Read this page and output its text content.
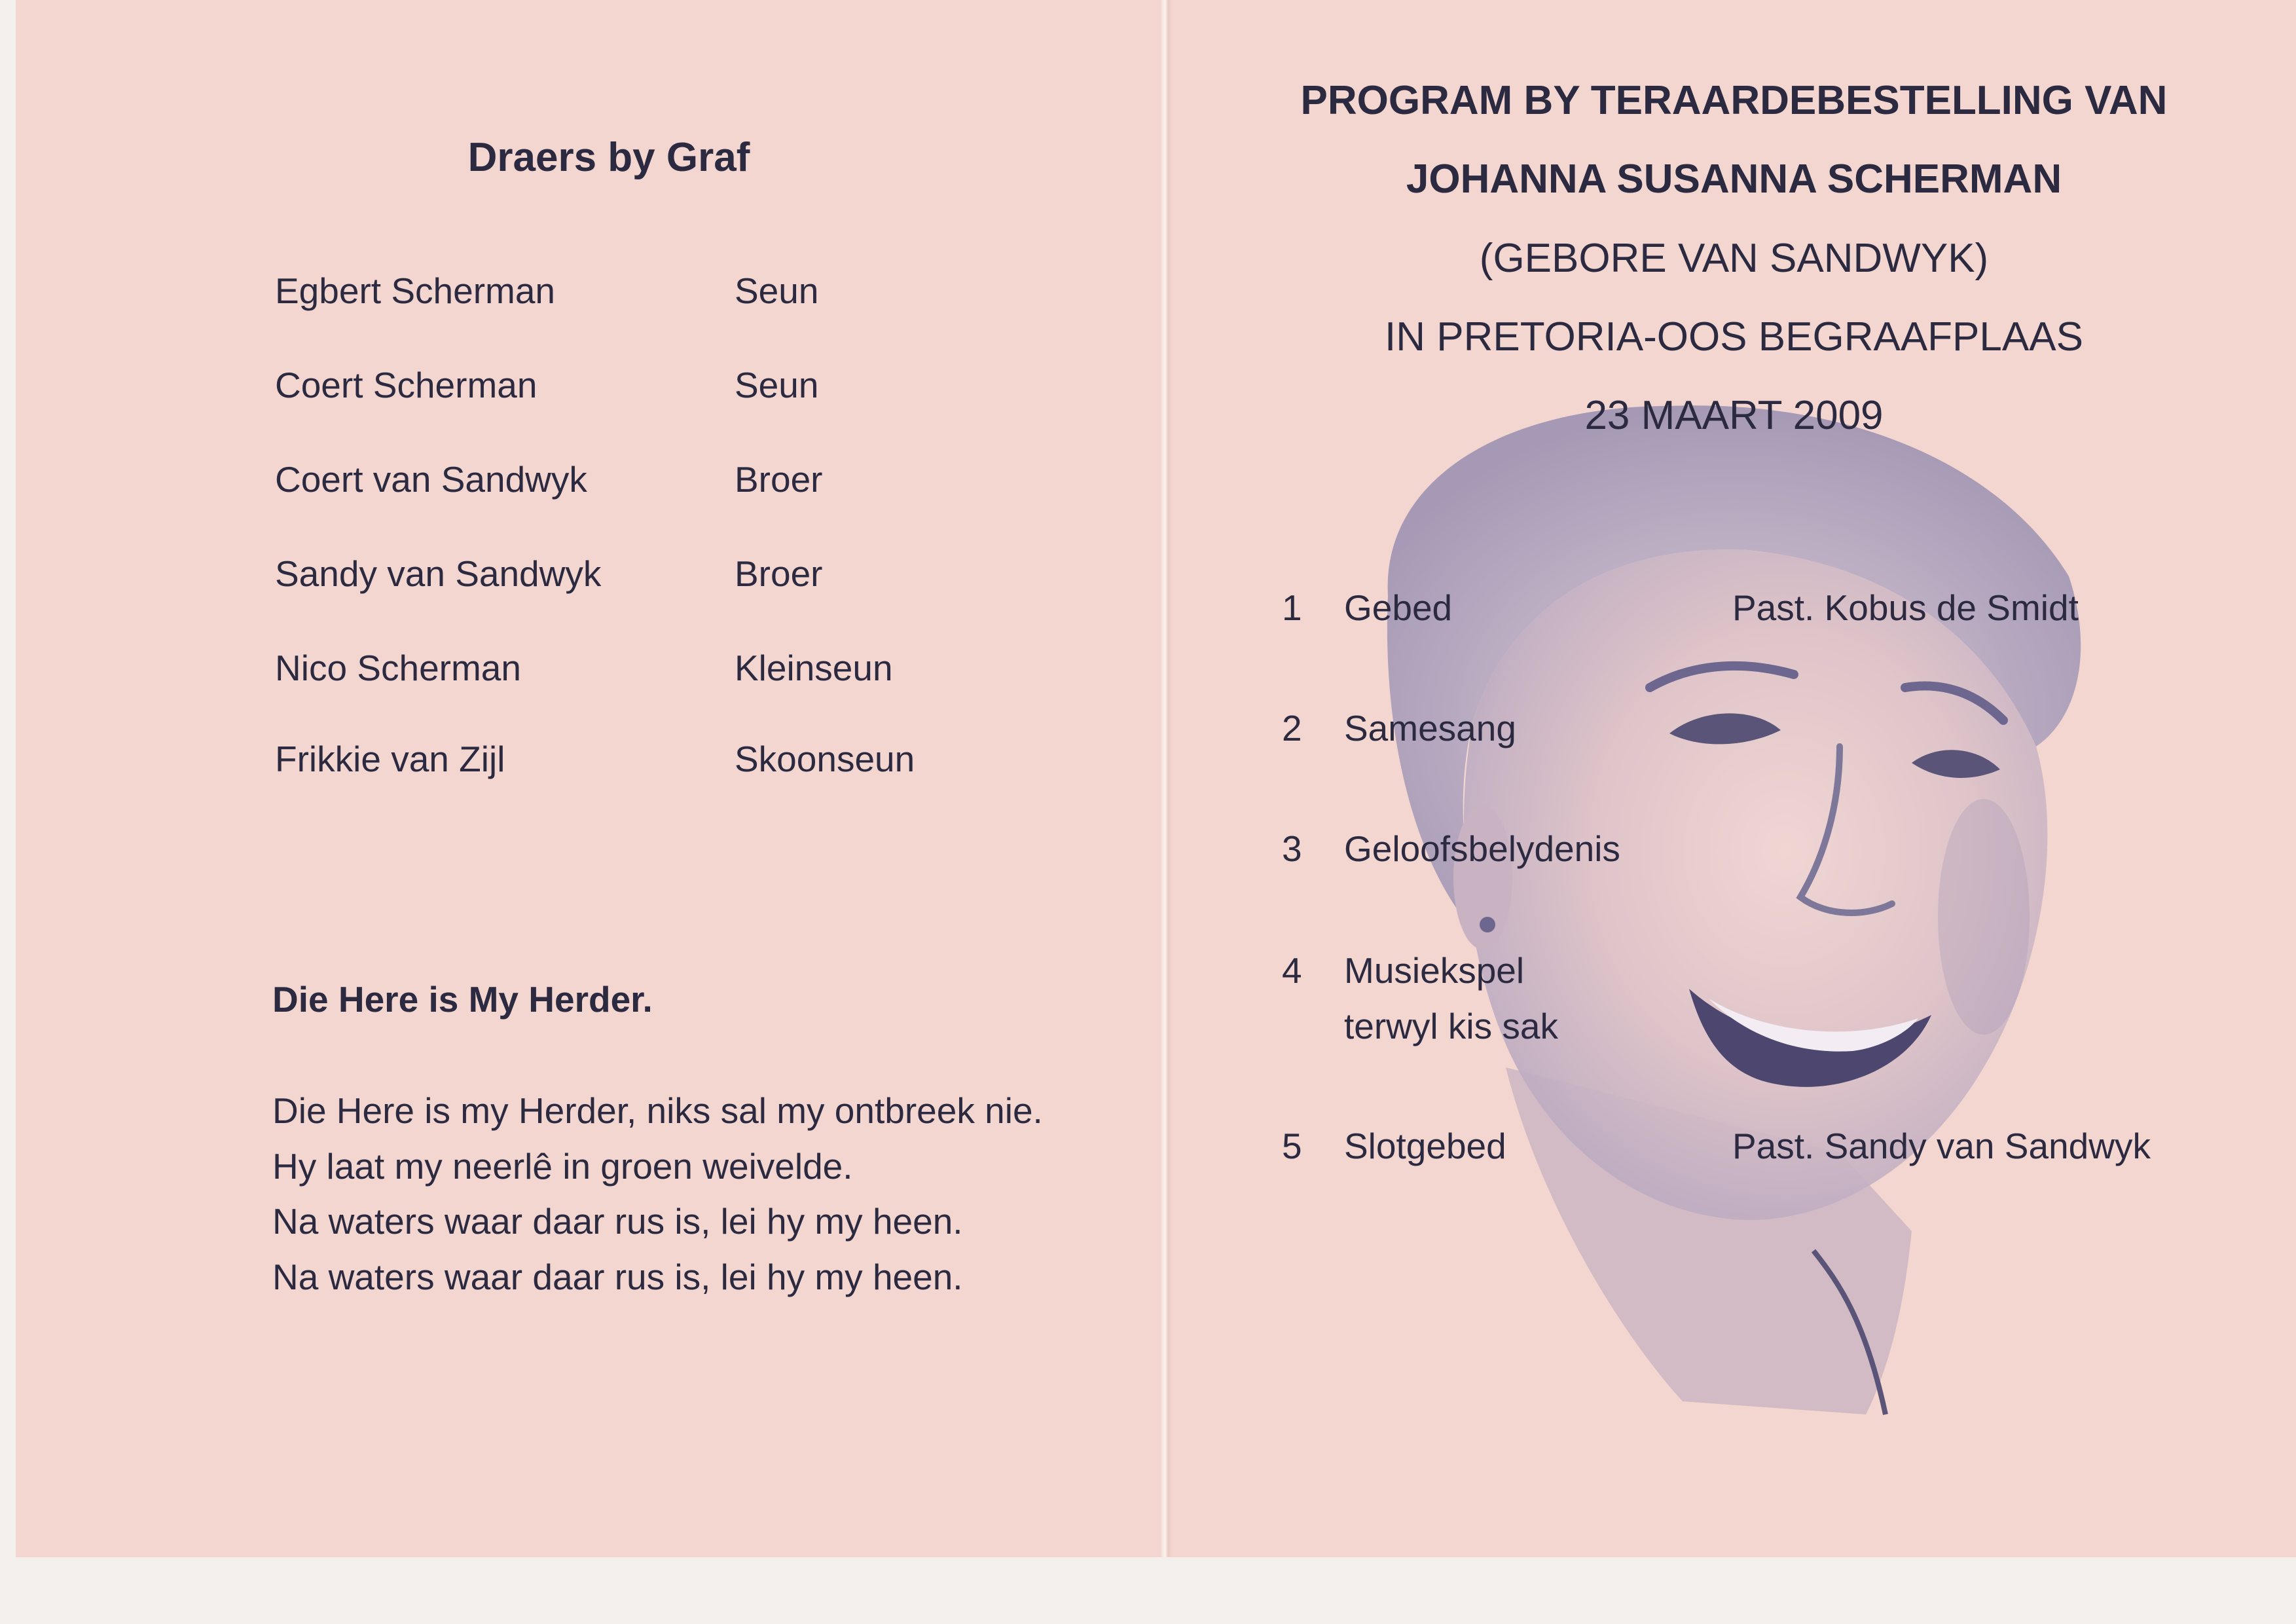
Draers by Graf
Egbert Scherman	Seun
Coert Scherman	Seun
Coert van Sandwyk	Broer
Sandy van Sandwyk	Broer
Nico Scherman	Kleinseun
Frikkie van Zijl	Skoonseun
Die Here is My Herder.
Die Here is my Herder, niks sal my ontbreek nie.
Hy laat my neerlê in groen weivelde.
Na waters waar daar rus is, lei hy my heen.
Na waters waar daar rus is, lei hy my heen.
PROGRAM BY TERAARDEBESTELLING VAN
JOHANNA SUSANNA SCHERMAN
(GEBORE VAN SANDWYK)
IN PRETORIA-OOS BEGRAAFPLAAS
23 MAART 2009
1 Gebed	Past. Kobus de Smidt
2 Samesang
3 Geloofsbelydenis
4 Musiekspel
terwyl kis sak
5 Slotgebed	Past. Sandy van Sandwyk
